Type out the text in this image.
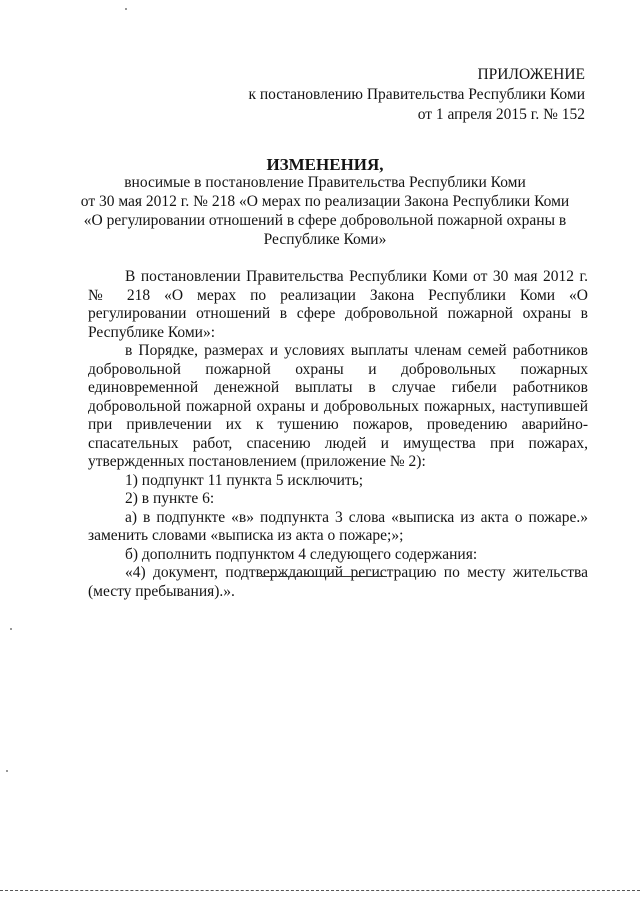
ПРИЛОЖЕНИЕ
к постановлению Правительства Республики Коми
от 1 апреля 2015 г. № 152
ИЗМЕНЕНИЯ,
вносимые в постановление Правительства Республики Коми
от 30 мая 2012 г. № 218 «О мерах по реализации Закона Республики Коми
«О регулировании отношений в сфере добровольной пожарной охраны в
Республике Коми»
В постановлении Правительства Республики Коми от 30 мая 2012 г. № 218 «О мерах по реализации Закона Республики Коми «О регулировании отношений в сфере добровольной пожарной охраны в Республике Коми»:
в Порядке, размерах и условиях выплаты членам семей работников добровольной пожарной охраны и добровольных пожарных единовременной денежной выплаты в случае гибели работников добровольной пожарной охраны и добровольных пожарных, наступившей при привлечении их к тушению пожаров, проведению аварийно-спасательных работ, спасению людей и имущества при пожарах, утвержденных постановлением (приложение № 2):
1) подпункт 11 пункта 5 исключить;
2) в пункте 6:
а) в подпункте «в» подпункта 3 слова «выписка из акта о пожаре.» заменить словами «выписка из акта о пожаре;»;
б) дополнить подпунктом 4 следующего содержания:
«4) документ, подтверждающий регистрацию по месту жительства (месту пребывания).».
